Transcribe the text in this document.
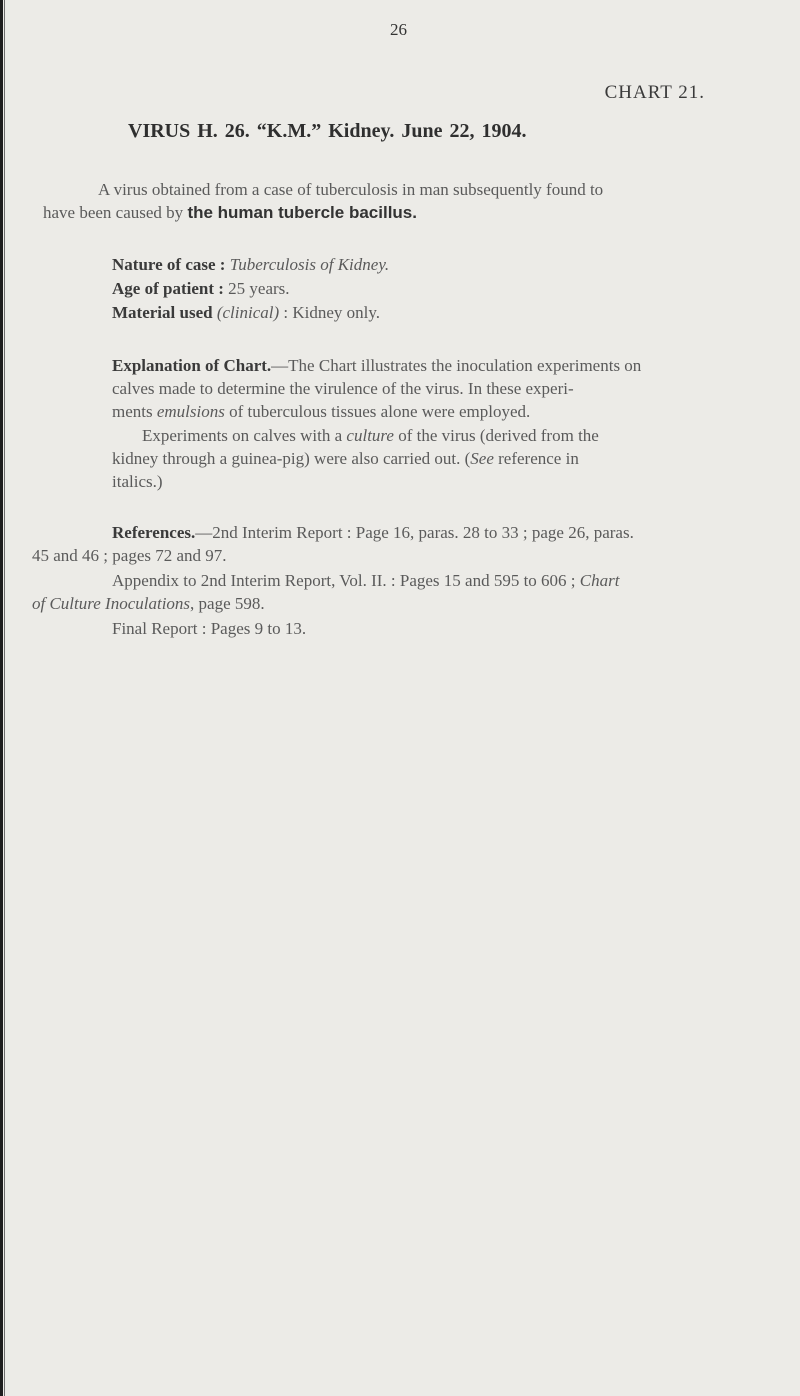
26
CHART 21.
VIRUS H. 26. “K.M.” Kidney. June 22, 1904.
A virus obtained from a case of tuberculosis in man subsequently found to
have been caused by the human tubercle bacillus.
Nature of case : Tuberculosis of Kidney.
Age of patient : 25 years.
Material used (clinical) : Kidney only.
Explanation of Chart.—The Chart illustrates the inoculation experiments on
calves made to determine the virulence of the virus. In these experi-
ments emulsions of tuberculous tissues alone were employed.
Experiments on calves with a culture of the virus (derived from the
kidney through a guinea-pig) were also carried out. (See reference in
italics.)
References.—2nd Interim Report : Page 16, paras. 28 to 33 ; page 26, paras.
45 and 46 ; pages 72 and 97.
Appendix to 2nd Interim Report, Vol. II. : Pages 15 and 595 to 606 ; Chart
of Culture Inoculations, page 598.
Final Report : Pages 9 to 13.
